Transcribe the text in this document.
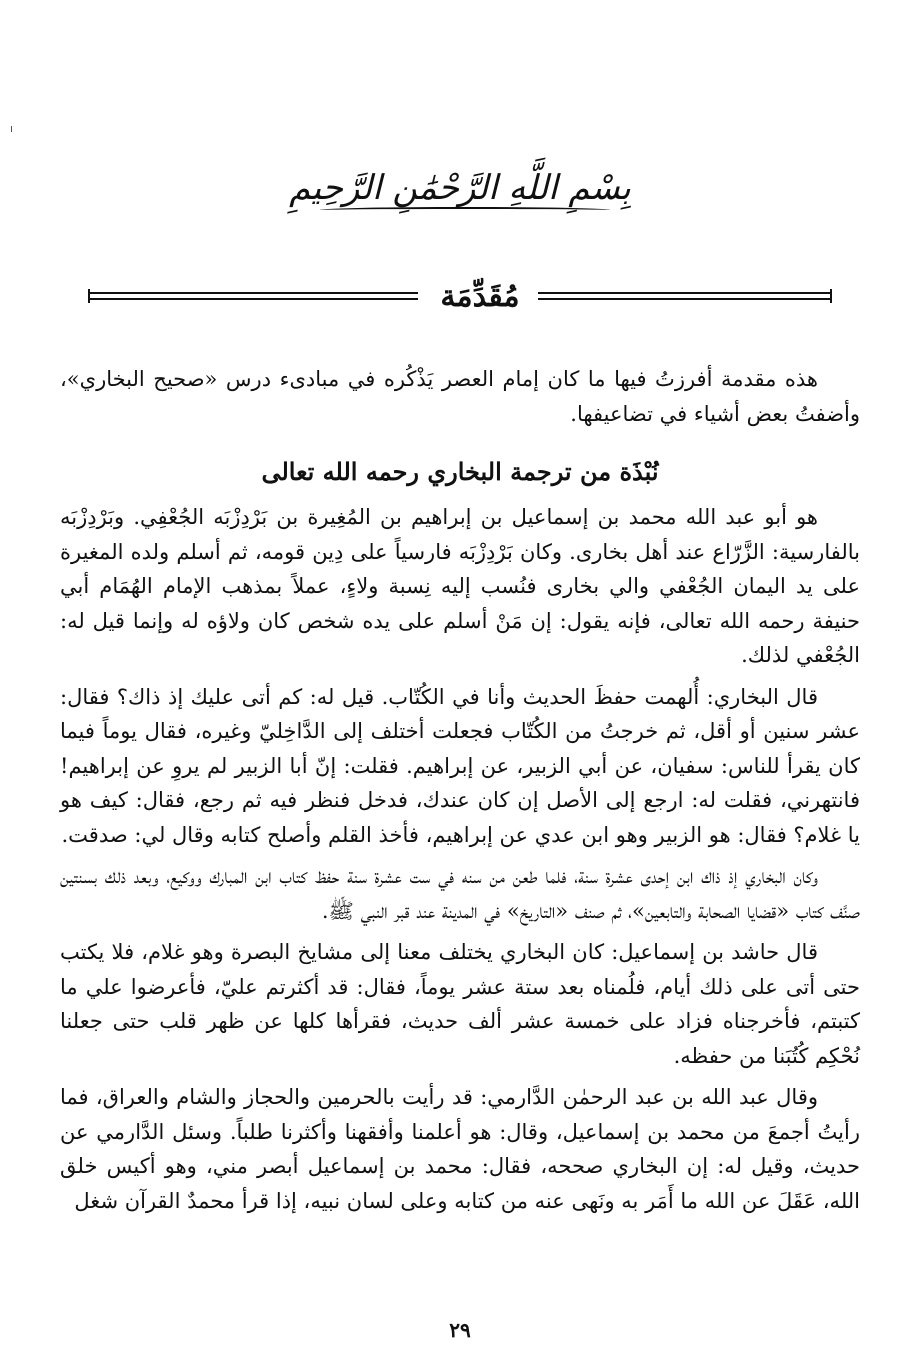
بِسْمِ اللَّهِ الرَّحْمَٰنِ الرَّحِيمِ
مُقَدِّمَة

هذه مقدمة أفرزتُ فيها ما كان إمام العصر يَذْكُره في مبادىء درس «صحيح البخاري»، وأضفتُ بعض أشياء في تضاعيفها.

نُبْذَة من ترجمة البخاري رحمه الله تعالى

هو أبو عبد الله محمد بن إسماعيل بن إبراهيم بن المُغِيرة بن بَرْدِزْبَه الجُعْفِي. وبَرْدِزْبَه بالفارسية: الزَّرّاع عند أهل بخارى. وكان بَرْدِزْبَه فارسياً على دِين قومه، ثم أسلم ولده المغيرة على يد اليمان الجُعْفي والي بخارى فنُسب إليه نِسبة ولاءٍ، عملاً بمذهب الإمام الهُمَام أبي حنيفة رحمه الله تعالى، فإنه يقول: إن مَنْ أسلم على يده شخص كان ولاؤه له وإنما قيل له: الجُعْفي لذلك.

قال البخاري: أُلهمت حفظَ الحديث وأنا في الكُتّاب. قيل له: كم أتى عليك إذ ذاك؟ فقال: عشر سنين أو أقل، ثم خرجتُ من الكُتّاب فجعلت أختلف إلى الدَّاخِليّ وغيره، فقال يوماً فيما كان يقرأ للناس: سفيان، عن أبي الزبير، عن إبراهيم. فقلت: إنّ أبا الزبير لم يروِ عن إبراهيم! فانتهرني، فقلت له: ارجع إلى الأصل إن كان عندك، فدخل فنظر فيه ثم رجع، فقال: كيف هو يا غلام؟ فقال: هو الزبير وهو ابن عدي عن إبراهيم، فأخذ القلم وأصلح كتابه وقال لي: صدقت.

وكان البخاري إذ ذاك ابن إحدى عشرة سنة، فلما طعن من سنه في ست عشرة سنة حفظ كتاب ابن المبارك ووكيع، وبعد ذلك بسنتين صنَّف كتاب «قضايا الصحابة والتابعين»، ثم صنف «التاريخ» في المدينة عند قبر النبي ﷺ.

قال حاشد بن إسماعيل: كان البخاري يختلف معنا إلى مشايخ البصرة وهو غلام، فلا يكتب حتى أتى على ذلك أيام، فلُمناه بعد ستة عشر يوماً، فقال: قد أكثرتم عليّ، فأعرضوا علي ما كتبتم، فأخرجناه فزاد على خمسة عشر ألف حديث، فقرأها كلها عن ظهر قلب حتى جعلنا نُحْكِم كُتُبَنا من حفظه.

وقال عبد الله بن عبد الرحمٰن الدَّارمي: قد رأيت بالحرمين والحجاز والشام والعراق، فما رأيتُ أجمعَ من محمد بن إسماعيل، وقال: هو أعلمنا وأفقهنا وأكثرنا طلباً. وسئل الدَّارمي عن حديث، وقيل له: إن البخاري صححه، فقال: محمد بن إسماعيل أبصر مني، وهو أكيس خلق الله، عَقَلَ عن الله ما أَمَر به ونَهى عنه من كتابه وعلى لسان نبيه، إذا قرأ محمدٌ القرآن شغل

٢٩
